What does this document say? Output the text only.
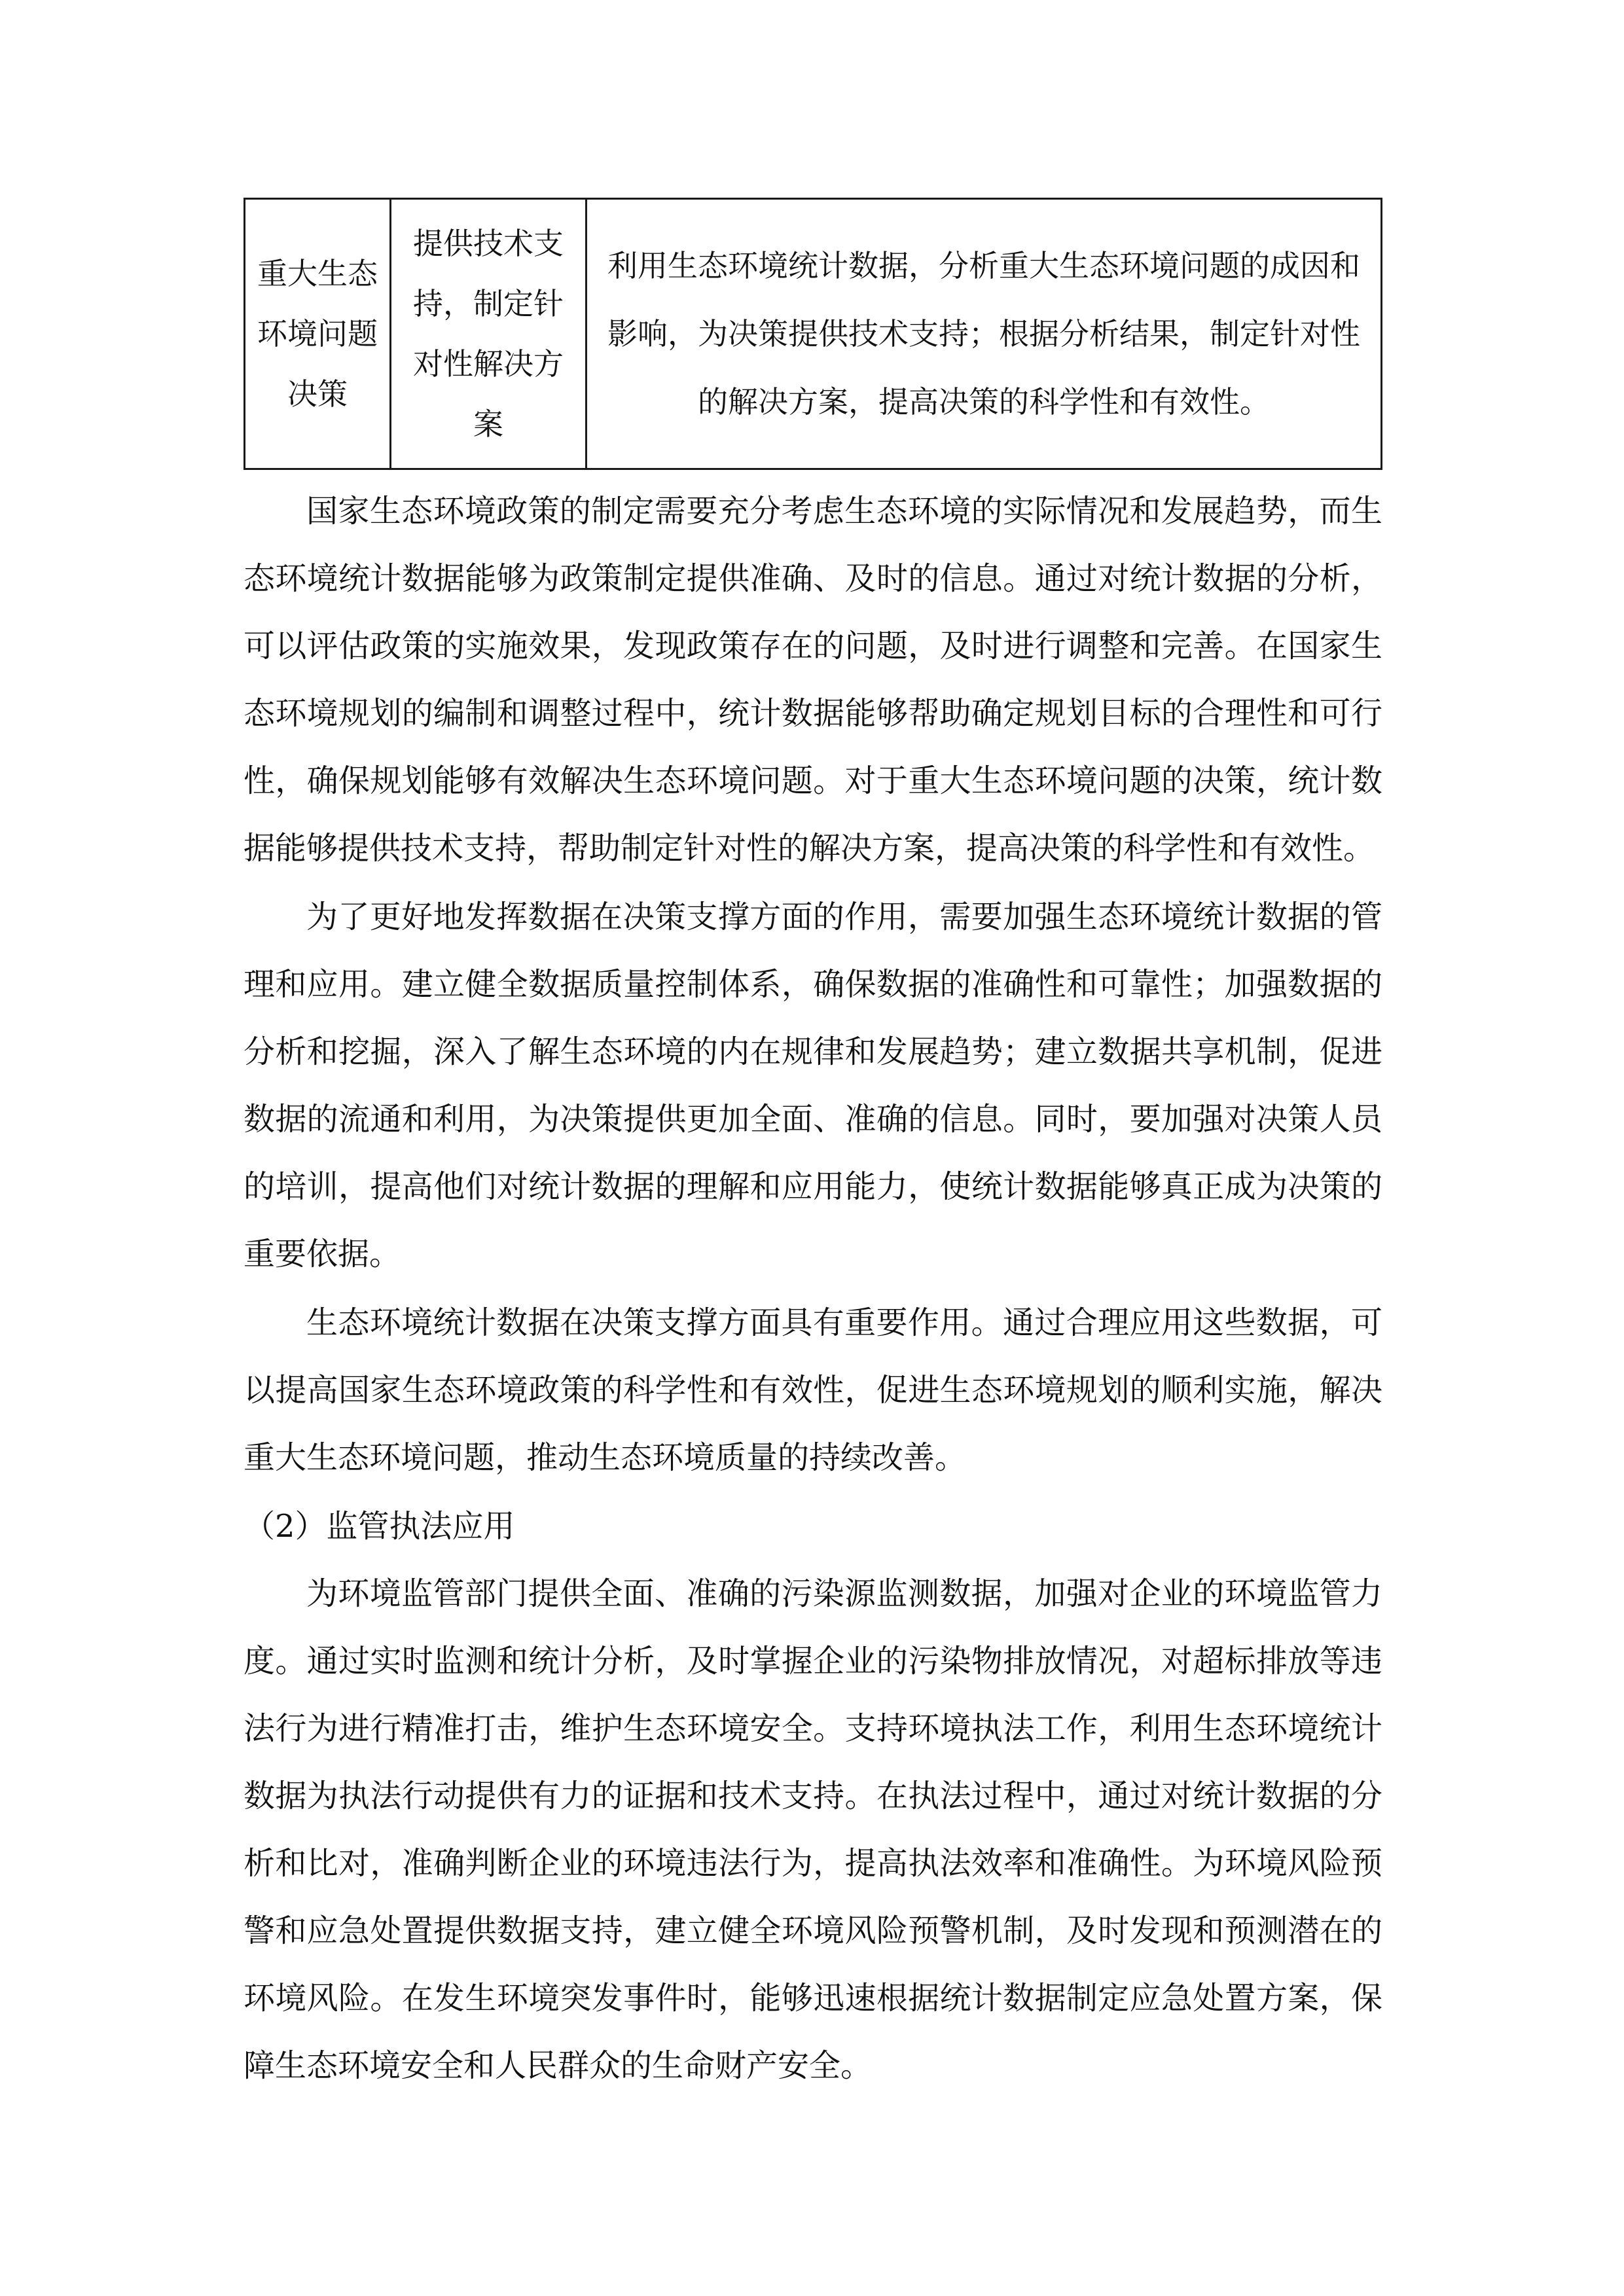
重大生态环境问题决策	提供技术支持，制定针对性解决方案	利用生态环境统计数据，分析重大生态环境问题的成因和影响，为决策提供技术支持；根据分析结果，制定针对性的解决方案，提高决策的科学性和有效性。

国家生态环境政策的制定需要充分考虑生态环境的实际情况和发展趋势，而生态环境统计数据能够为政策制定提供准确、及时的信息。通过对统计数据的分析，可以评估政策的实施效果，发现政策存在的问题，及时进行调整和完善。在国家生态环境规划的编制和调整过程中，统计数据能够帮助确定规划目标的合理性和可行性，确保规划能够有效解决生态环境问题。对于重大生态环境问题的决策，统计数据能够提供技术支持，帮助制定针对性的解决方案，提高决策的科学性和有效性。

为了更好地发挥数据在决策支撑方面的作用，需要加强生态环境统计数据的管理和应用。建立健全数据质量控制体系，确保数据的准确性和可靠性；加强数据的分析和挖掘，深入了解生态环境的内在规律和发展趋势；建立数据共享机制，促进数据的流通和利用，为决策提供更加全面、准确的信息。同时，要加强对决策人员的培训，提高他们对统计数据的理解和应用能力，使统计数据能够真正成为决策的重要依据。

生态环境统计数据在决策支撑方面具有重要作用。通过合理应用这些数据，可以提高国家生态环境政策的科学性和有效性，促进生态环境规划的顺利实施，解决重大生态环境问题，推动生态环境质量的持续改善。

（2）监管执法应用

为环境监管部门提供全面、准确的污染源监测数据，加强对企业的环境监管力度。通过实时监测和统计分析，及时掌握企业的污染物排放情况，对超标排放等违法行为进行精准打击，维护生态环境安全。支持环境执法工作，利用生态环境统计数据为执法行动提供有力的证据和技术支持。在执法过程中，通过对统计数据的分析和比对，准确判断企业的环境违法行为，提高执法效率和准确性。为环境风险预警和应急处置提供数据支持，建立健全环境风险预警机制，及时发现和预测潜在的环境风险。在发生环境突发事件时，能够迅速根据统计数据制定应急处置方案，保障生态环境安全和人民群众的生命财产安全。
